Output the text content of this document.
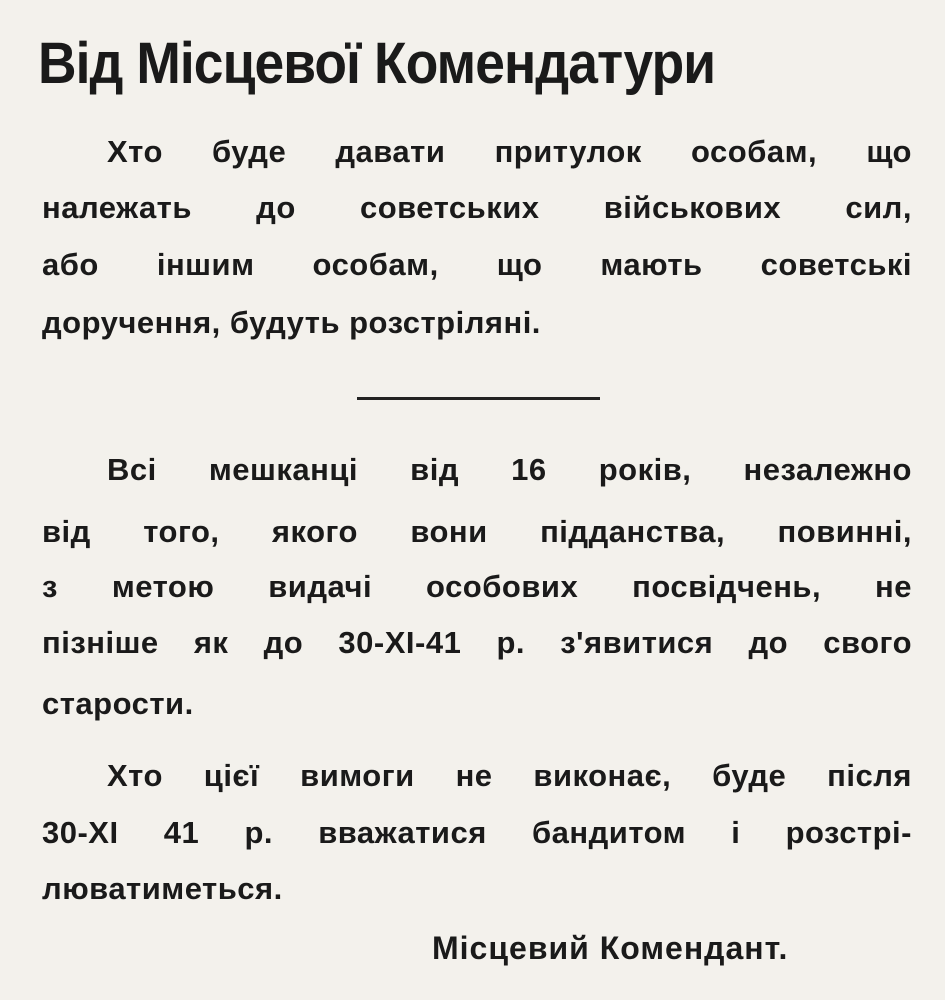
Від Місцевої Комендатури
Хто буде давати притулок особам, що
належать до советських військових сил,
або іншим особам, що мають советські
доручення, будуть розстріляні.
Всі мешканці від 16 років, незалежно
від того, якого вони підданства, повинні,
з метою видачі особових посвідчень, не
пізніше як до 30-XI-41 р. з'явитися до свого
старости.
Хто цієї вимоги не виконає, буде після
30-XI 41 р. вважатися бандитом і розстрі-
люватиметься.
Місцевий Комендант.
